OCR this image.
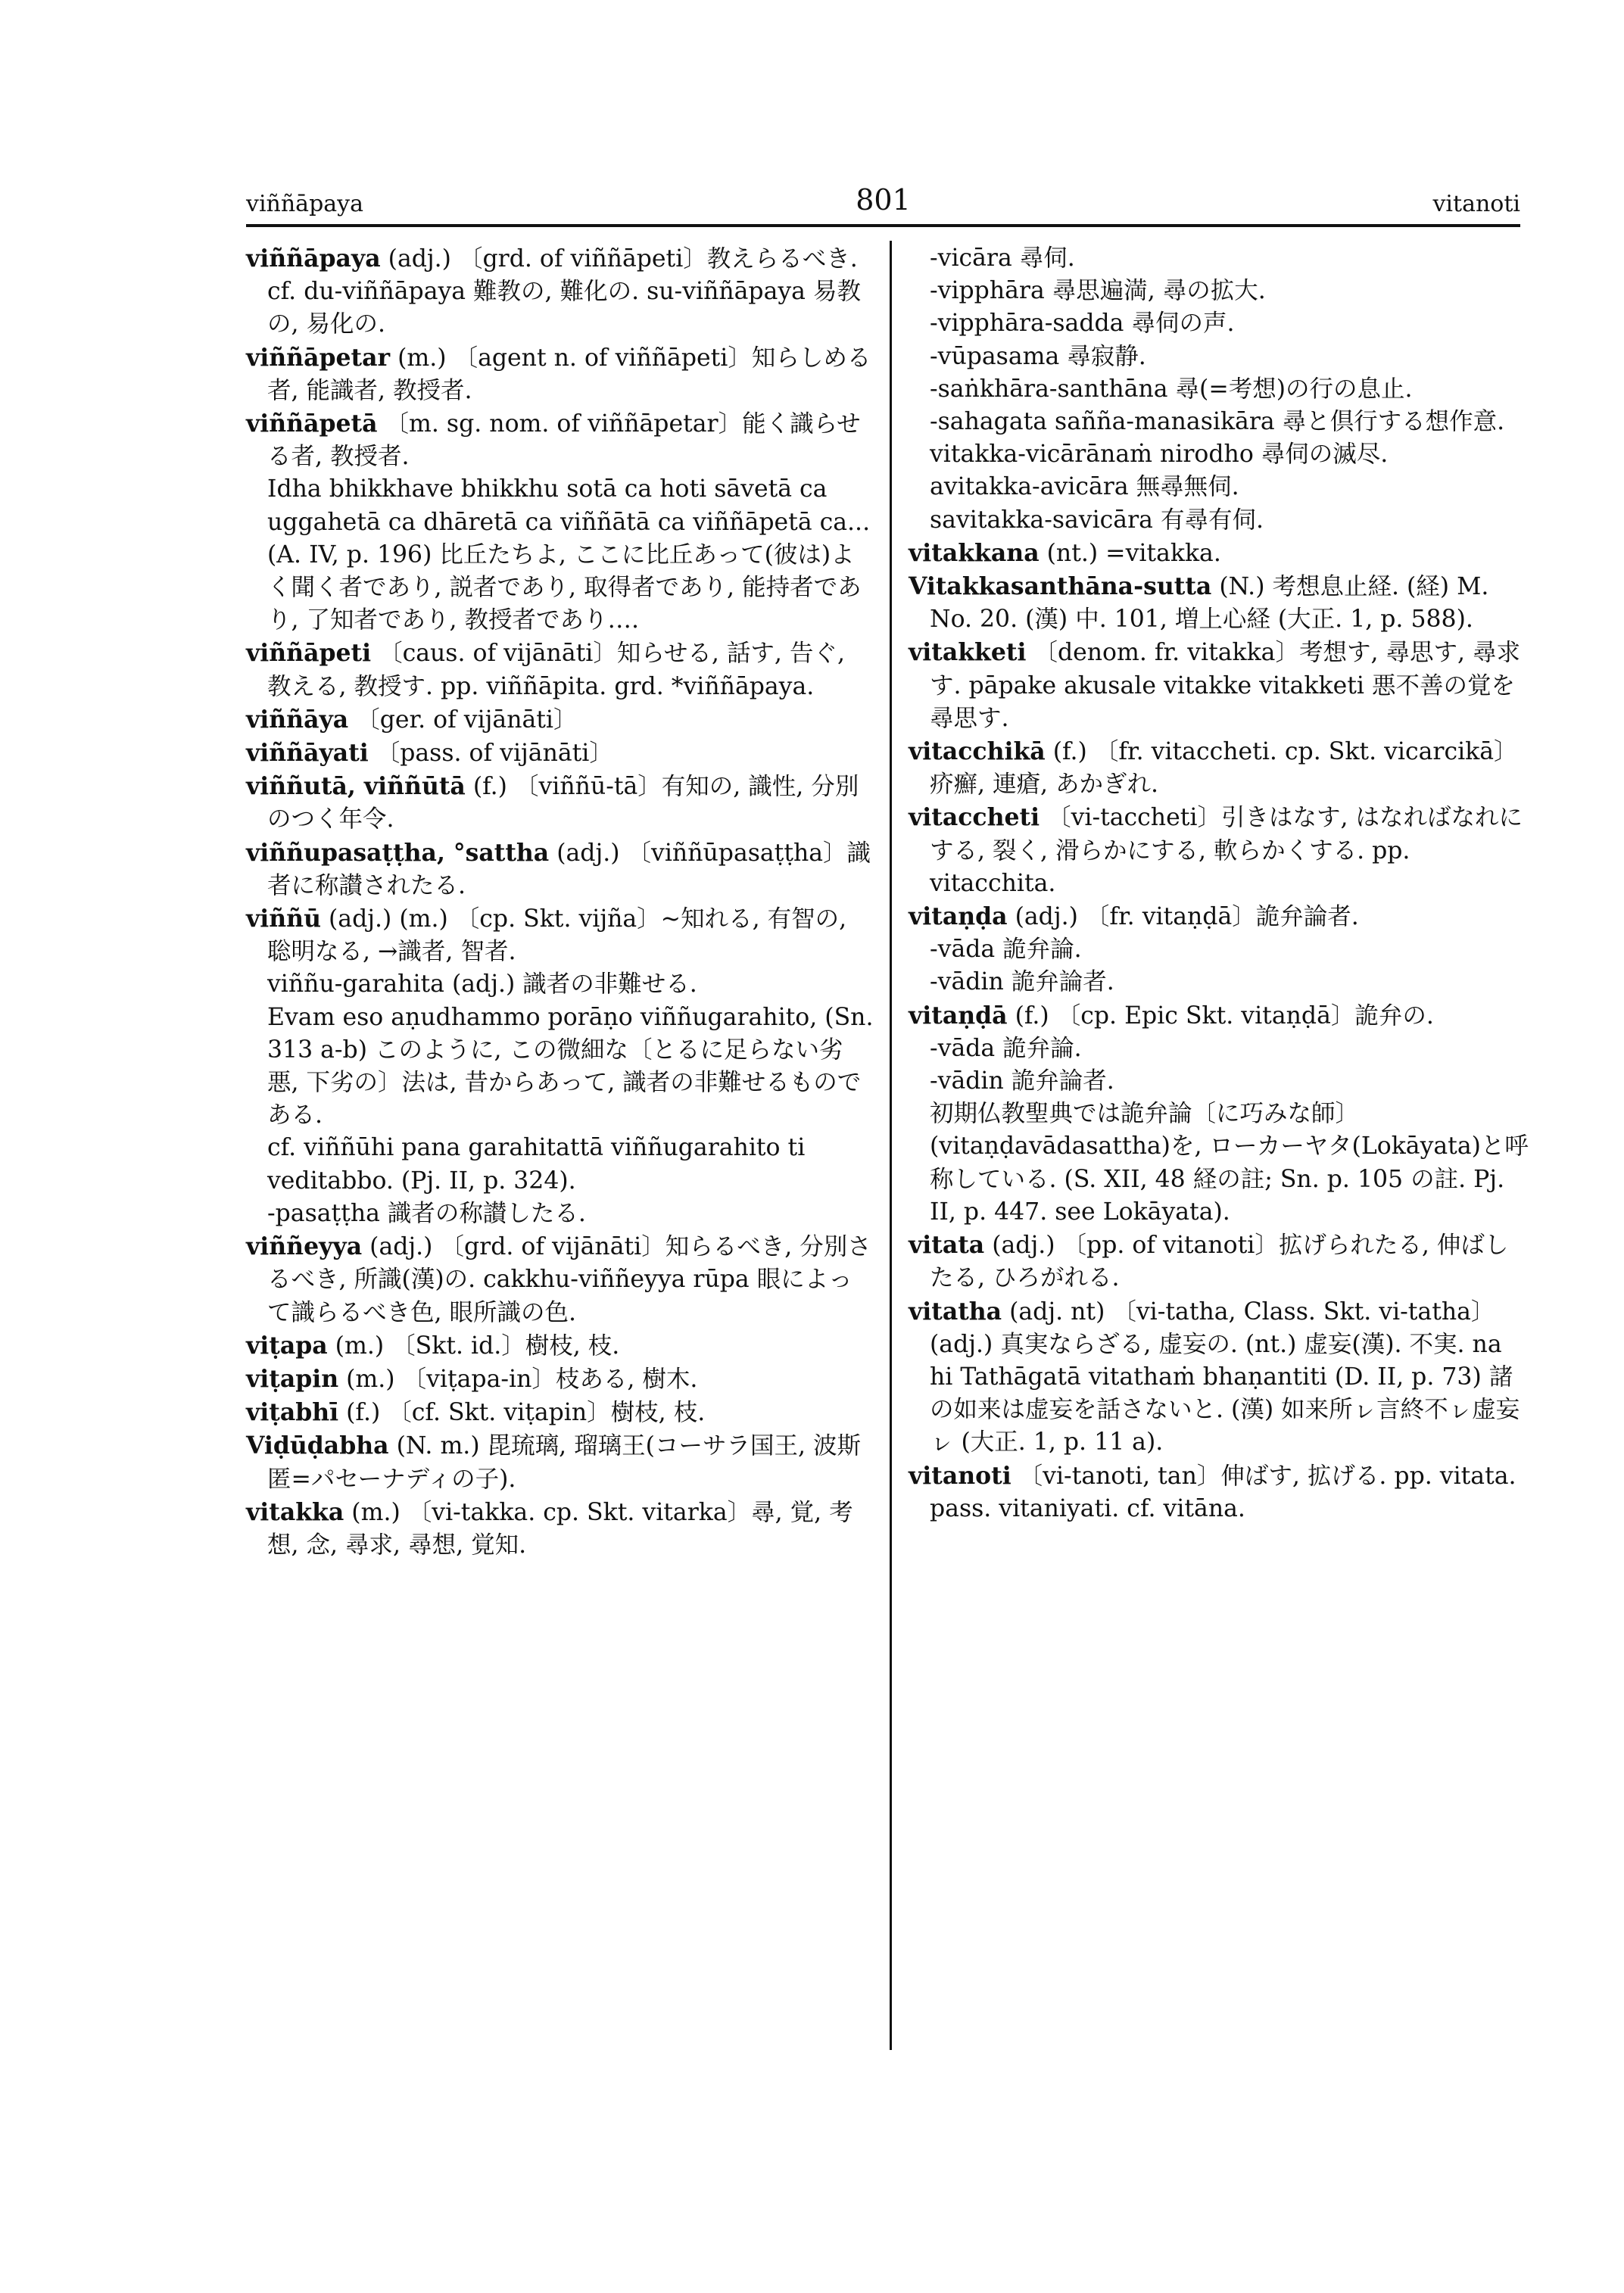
viññāpaya	801	vitanoti

viññāpaya (adj.) 〔grd. of viññāpeti〕教えらるべき. cf. du-viññāpaya 難教の, 難化の. su-viññāpaya 易教の, 易化の.

viññāpetar (m.) 〔agent n. of viññāpeti〕知らしめる者, 能識者, 教授者.

viññāpetā 〔m. sg. nom. of viññāpetar〕能く識らせる者, 教授者.

Idha bhikkhave bhikkhu sotā ca hoti sāvetā ca uggahetā ca dhāretā ca viññātā ca viññāpetā ca... (A. IV, p. 196) 比丘たちよ, ここに比丘あって(彼は)よく聞く者であり, 説者であり, 取得者であり, 能持者であり, 了知者であり, 教授者であり….

viññāpeti 〔caus. of vijānāti〕知らせる, 話す, 告ぐ, 教える, 教授す. pp. viññāpita. grd. *viññāpaya.

viññāya 〔ger. of vijānāti〕

viññāyati 〔pass. of vijānāti〕

viññutā, viññūtā (f.) 〔viññū-tā〕有知の, 識性, 分別のつく年令.

viññupasaṭṭha, °sattha (adj.) 〔viññūpasaṭṭha〕識者に称讃されたる.

viññū (adj.) (m.) 〔cp. Skt. vijña〕~知れる, 有智の, 聡明なる, →識者, 智者.

viññu-garahita (adj.) 識者の非難せる.

Evam eso aṇudhammo porāṇo viññugarahito, (Sn. 313 a-b) このように, この微細な〔とるに足らない劣悪, 下劣の〕法は, 昔からあって, 識者の非難せるものである.

cf. viññūhi pana garahitattā viññugarahito ti veditabbo. (Pj. II, p. 324).

-pasaṭṭha 識者の称讃したる.

viññeyya (adj.) 〔grd. of vijānāti〕知らるべき, 分別さるべき, 所識(漢)の. cakkhu-viññeyya rūpa 眼によって識らるべき色, 眼所識の色.

viṭapa (m.) 〔Skt. id.〕樹枝, 枝.

viṭapin (m.) 〔viṭapa-in〕枝ある, 樹木.

viṭabhī (f.) 〔cf. Skt. viṭapin〕樹枝, 枝.

Viḍūḍabha (N. m.) 毘琉璃, 瑠璃王(コーサラ国王, 波斯匿=パセーナディの子).

vitakka (m.) 〔vi-takka. cp. Skt. vitarka〕尋, 覚, 考想, 念, 尋求, 尋想, 覚知.

-vicāra 尋伺.

-vipphāra 尋思遍満, 尋の拡大.

-vipphāra-sadda 尋伺の声.

-vūpasama 尋寂静.

-saṅkhāra-santhāna 尋(=考想)の行の息止.

-sahagata sañña-manasikāra 尋と倶行する想作意.

vitakka-vicārānaṁ nirodho 尋伺の滅尽.

avitakka-avicāra 無尋無伺.

savitakka-savicāra 有尋有伺.

vitakkana (nt.) =vitakka.

Vitakkasanthāna-sutta (N.) 考想息止経. (経) M. No. 20. (漢) 中. 101, 増上心経 (大正. 1, p. 588).

vitakketi 〔denom. fr. vitakka〕考想す, 尋思す, 尋求す. pāpake akusale vitakke vitakketi 悪不善の覚を尋思す.

vitacchikā (f.) 〔fr. vitaccheti. cp. Skt. vicarcikā〕疥癬, 連瘡, あかぎれ.

vitaccheti 〔vi-taccheti〕引きはなす, はなればなれにする, 裂く, 滑らかにする, 軟らかくする. pp. vitacchita.

vitaṇḍa (adj.) 〔fr. vitaṇḍā〕詭弁論者.

-vāda 詭弁論.

-vādin 詭弁論者.

vitaṇḍā (f.) 〔cp. Epic Skt. vitaṇḍā〕詭弁の.

-vāda 詭弁論.

-vādin 詭弁論者.

初期仏教聖典では詭弁論〔に巧みな師〕(vitaṇḍavādasattha)を, ローカーヤタ(Lokāyata)と呼称している. (S. XII, 48 経の註; Sn. p. 105 の註. Pj. II, p. 447. see Lokāyata).

vitata (adj.) 〔pp. of vitanoti〕拡げられたる, 伸ばしたる, ひろがれる.

vitatha (adj. nt) 〔vi-tatha, Class. Skt. vi-tatha〕(adj.) 真実ならざる, 虚妄の. (nt.) 虚妄(漢). 不実. na hi Tathāgatā vitathaṁ bhaṇantiti (D. II, p. 73) 諸の如来は虚妄を話さないと. (漢) 如来所ㇾ言終不ㇾ虚妄ㇾ (大正. 1, p. 11 a).

vitanoti 〔vi-tanoti, tan〕伸ばす, 拡げる. pp. vitata. pass. vitaniyati. cf. vitāna.
